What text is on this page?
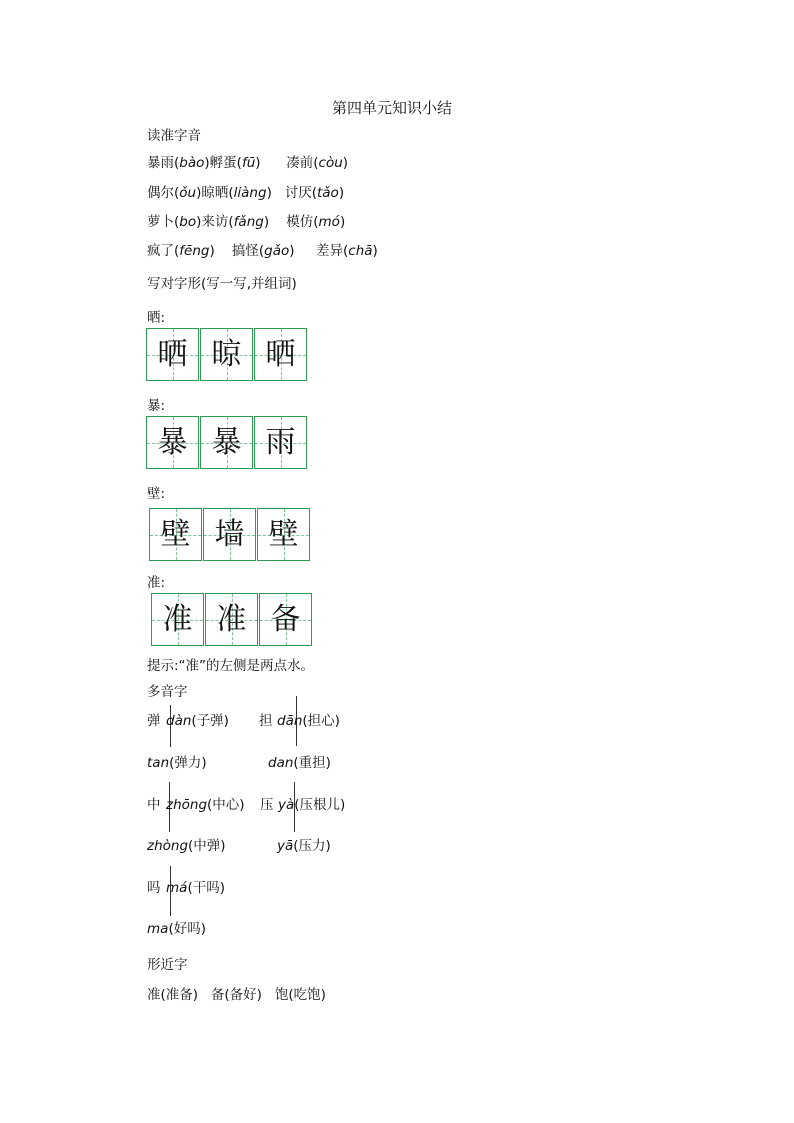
第四单元知识小结
读准字音
暴雨(bào)孵蛋(fū)      凑前(còu)
偶尔(ǒu)晾晒(liàng)   讨厌(tǎo)
萝卜(bo)来访(fǎng)    模仿(mó)
疯了(fēng)    搞怪(gǎo)     差异(chā)
写对字形(写一写,并组词)
晒:
晒 晾 晒
暴:
暴 暴 雨
壁:
壁 墙 壁
准:
准 准 备
提示:“准”的左侧是两点水。
多音字
弹 dàn(子弹)
tan(弹力)
担 dān(担心)
dan(重担)
中 zhōng(中心)
zhòng(中弹)
压 yà(压根儿)
yā(压力)
吗 má(干吗)
ma(好吗)
形近字
准(准备)   备(备好)   饱(吃饱)
